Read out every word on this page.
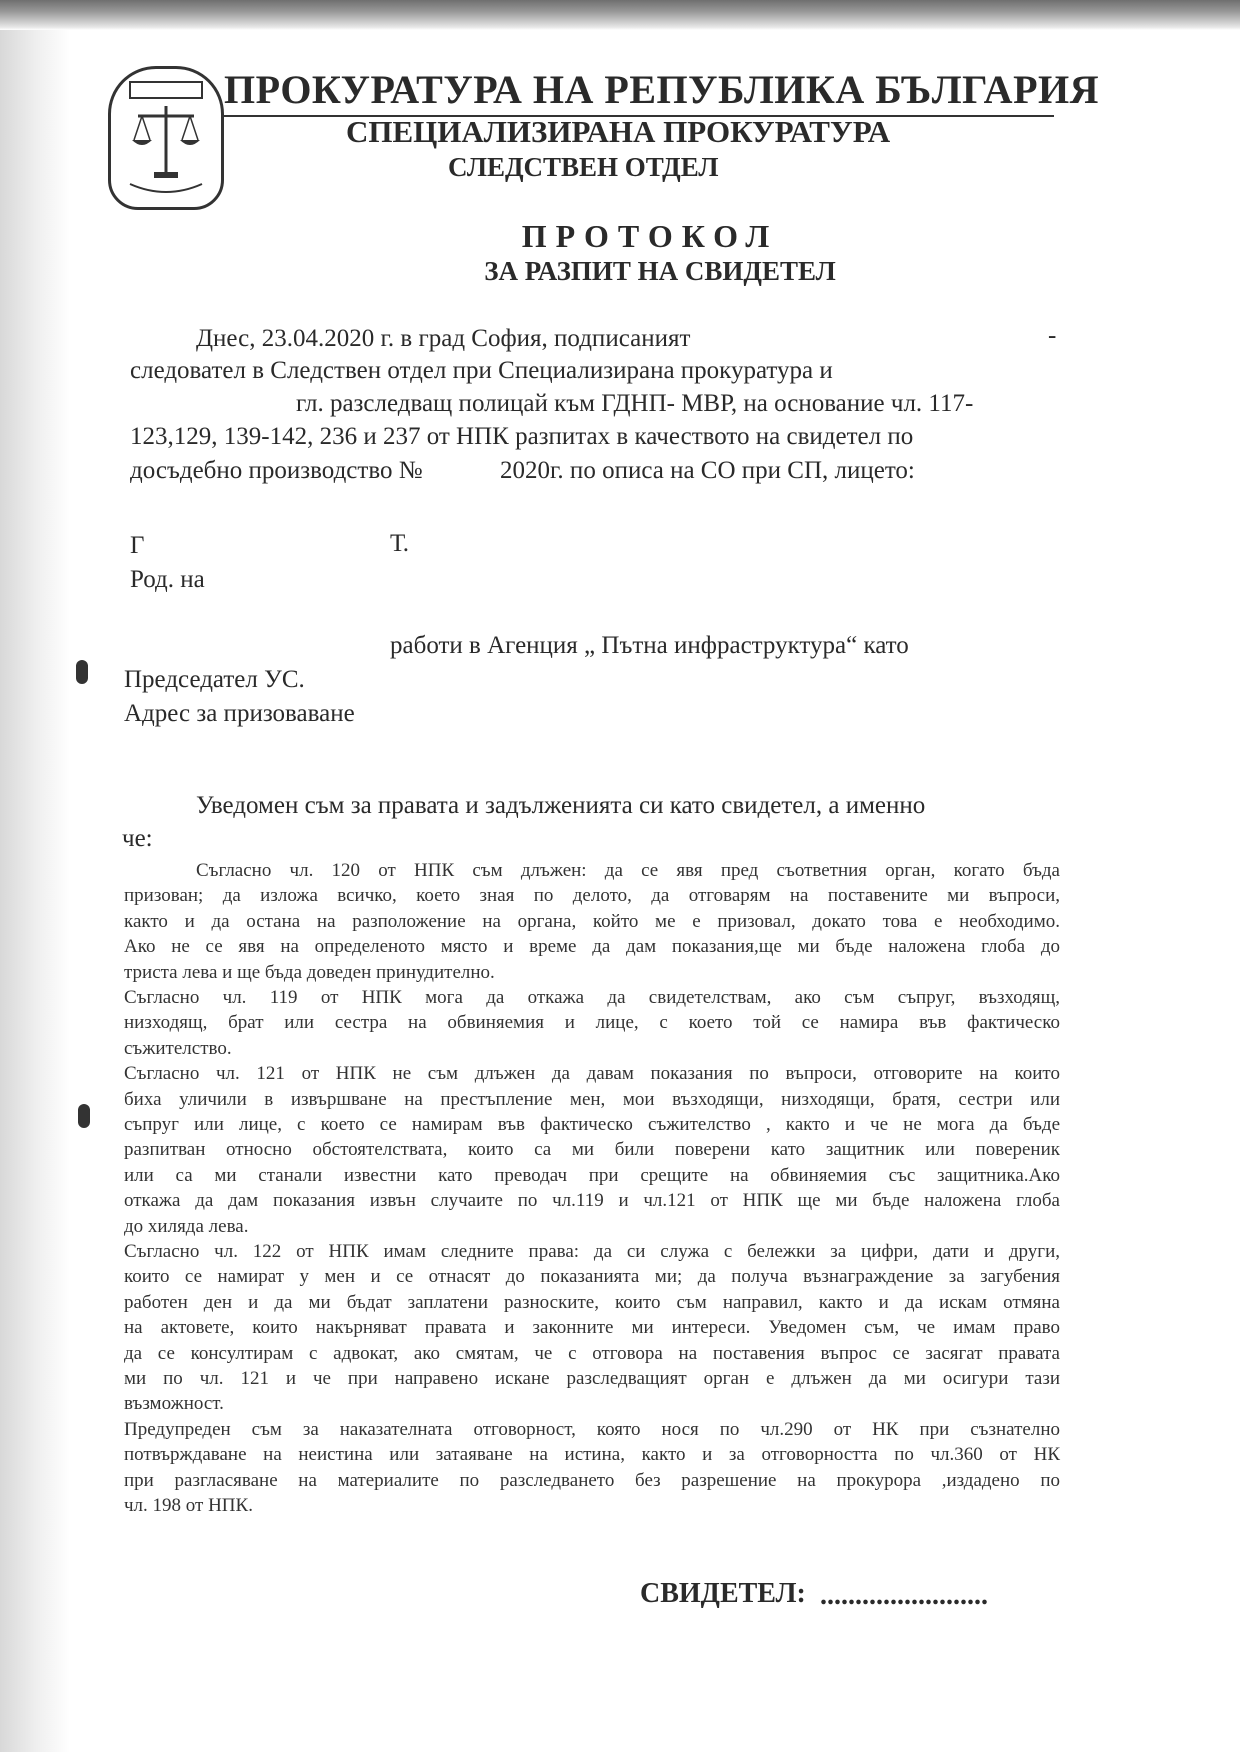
ПРОКУРАТУРА НА РЕПУБЛИКА БЪЛГАРИЯ
СПЕЦИАЛИЗИРАНА ПРОКУРАТУРА
СЛЕДСТВЕН ОТДЕЛ
ПРОТОКОЛ
ЗА РАЗПИТ НА СВИДЕТЕЛ
Днес, 23.04.2020 г. в град София, подписаният	-
следовател в Следствен отдел при Специализирана прокуратура и
гл. разследващ полицай към ГДНП- МВР, на основание чл. 117-
123,129, 139-142, 236 и 237 от НПК разпитах в качеството на свидетел по
досъдебно производство №	2020г. по описа на СО при СП, лицето:
Г	Т.
Род. на
работи в Агенция „ Пътна инфраструктура“ като
Председател УС.
Адрес за призоваване
Уведомен съм за правата и задълженията си като свидетел, а именно
че:
Съгласно чл. 120 от НПК съм длъжен: да се явя пред съответния орган, когато бъда
призован; да изложа всичко, което зная по делото, да отговарям на поставените ми въпроси,
както и да остана на разположение на органа, който ме е призовал, докато това е необходимо.
Ако не се явя на определеното място и време да дам показания,ще ми бъде наложена глоба до
триста лева и ще бъда доведен принудително.
Съгласно чл. 119 от НПК мога да откажа да свидетелствам, ако съм съпруг, възходящ,
низходящ, брат или сестра на обвиняемия и лице, с което той се намира във фактическо
съжителство.
Съгласно чл. 121 от НПК не съм длъжен да давам показания по въпроси, отговорите на които
биха уличили в извършване на престъпление мен, мои възходящи, низходящи, братя, сестри или
съпруг или лице, с което се намирам във фактическо съжителство , както и че не мога да бъде
разпитван относно обстоятелствата, които са ми били поверени като защитник или повереник
или са ми станали известни като преводач при срещите на обвиняемия със защитника.Ако
откажа да дам показания извън случаите по чл.119 и чл.121 от НПК ще ми бъде наложена глоба
до хиляда лева.
Съгласно чл. 122 от НПК имам следните права: да си служа с бележки за цифри, дати и други,
които се намират у мен и се отнасят до показанията ми; да получа възнаграждение за загубения
работен ден и да ми бъдат заплатени разноските, които съм направил, както и да искам отмяна
на актовете, които накърняват правата и законните ми интереси. Уведомен съм, че имам право
да се консултирам с адвокат, ако смятам, че с отговора на поставения въпрос се засягат правата
ми по чл. 121 и че при направено искане разследващият орган е длъжен да ми осигури тази
възможност.
Предупреден съм за наказателната отговорност, която нося по чл.290 от НК при съзнателно
потвърждаване на неистина или затаяване на истина, както и за отговорността по чл.360 от НК
при разгласяване на материалите по разследването без разрешение на прокурора ,издадено по
чл. 198 от НПК.
СВИДЕТЕЛ: ........................
